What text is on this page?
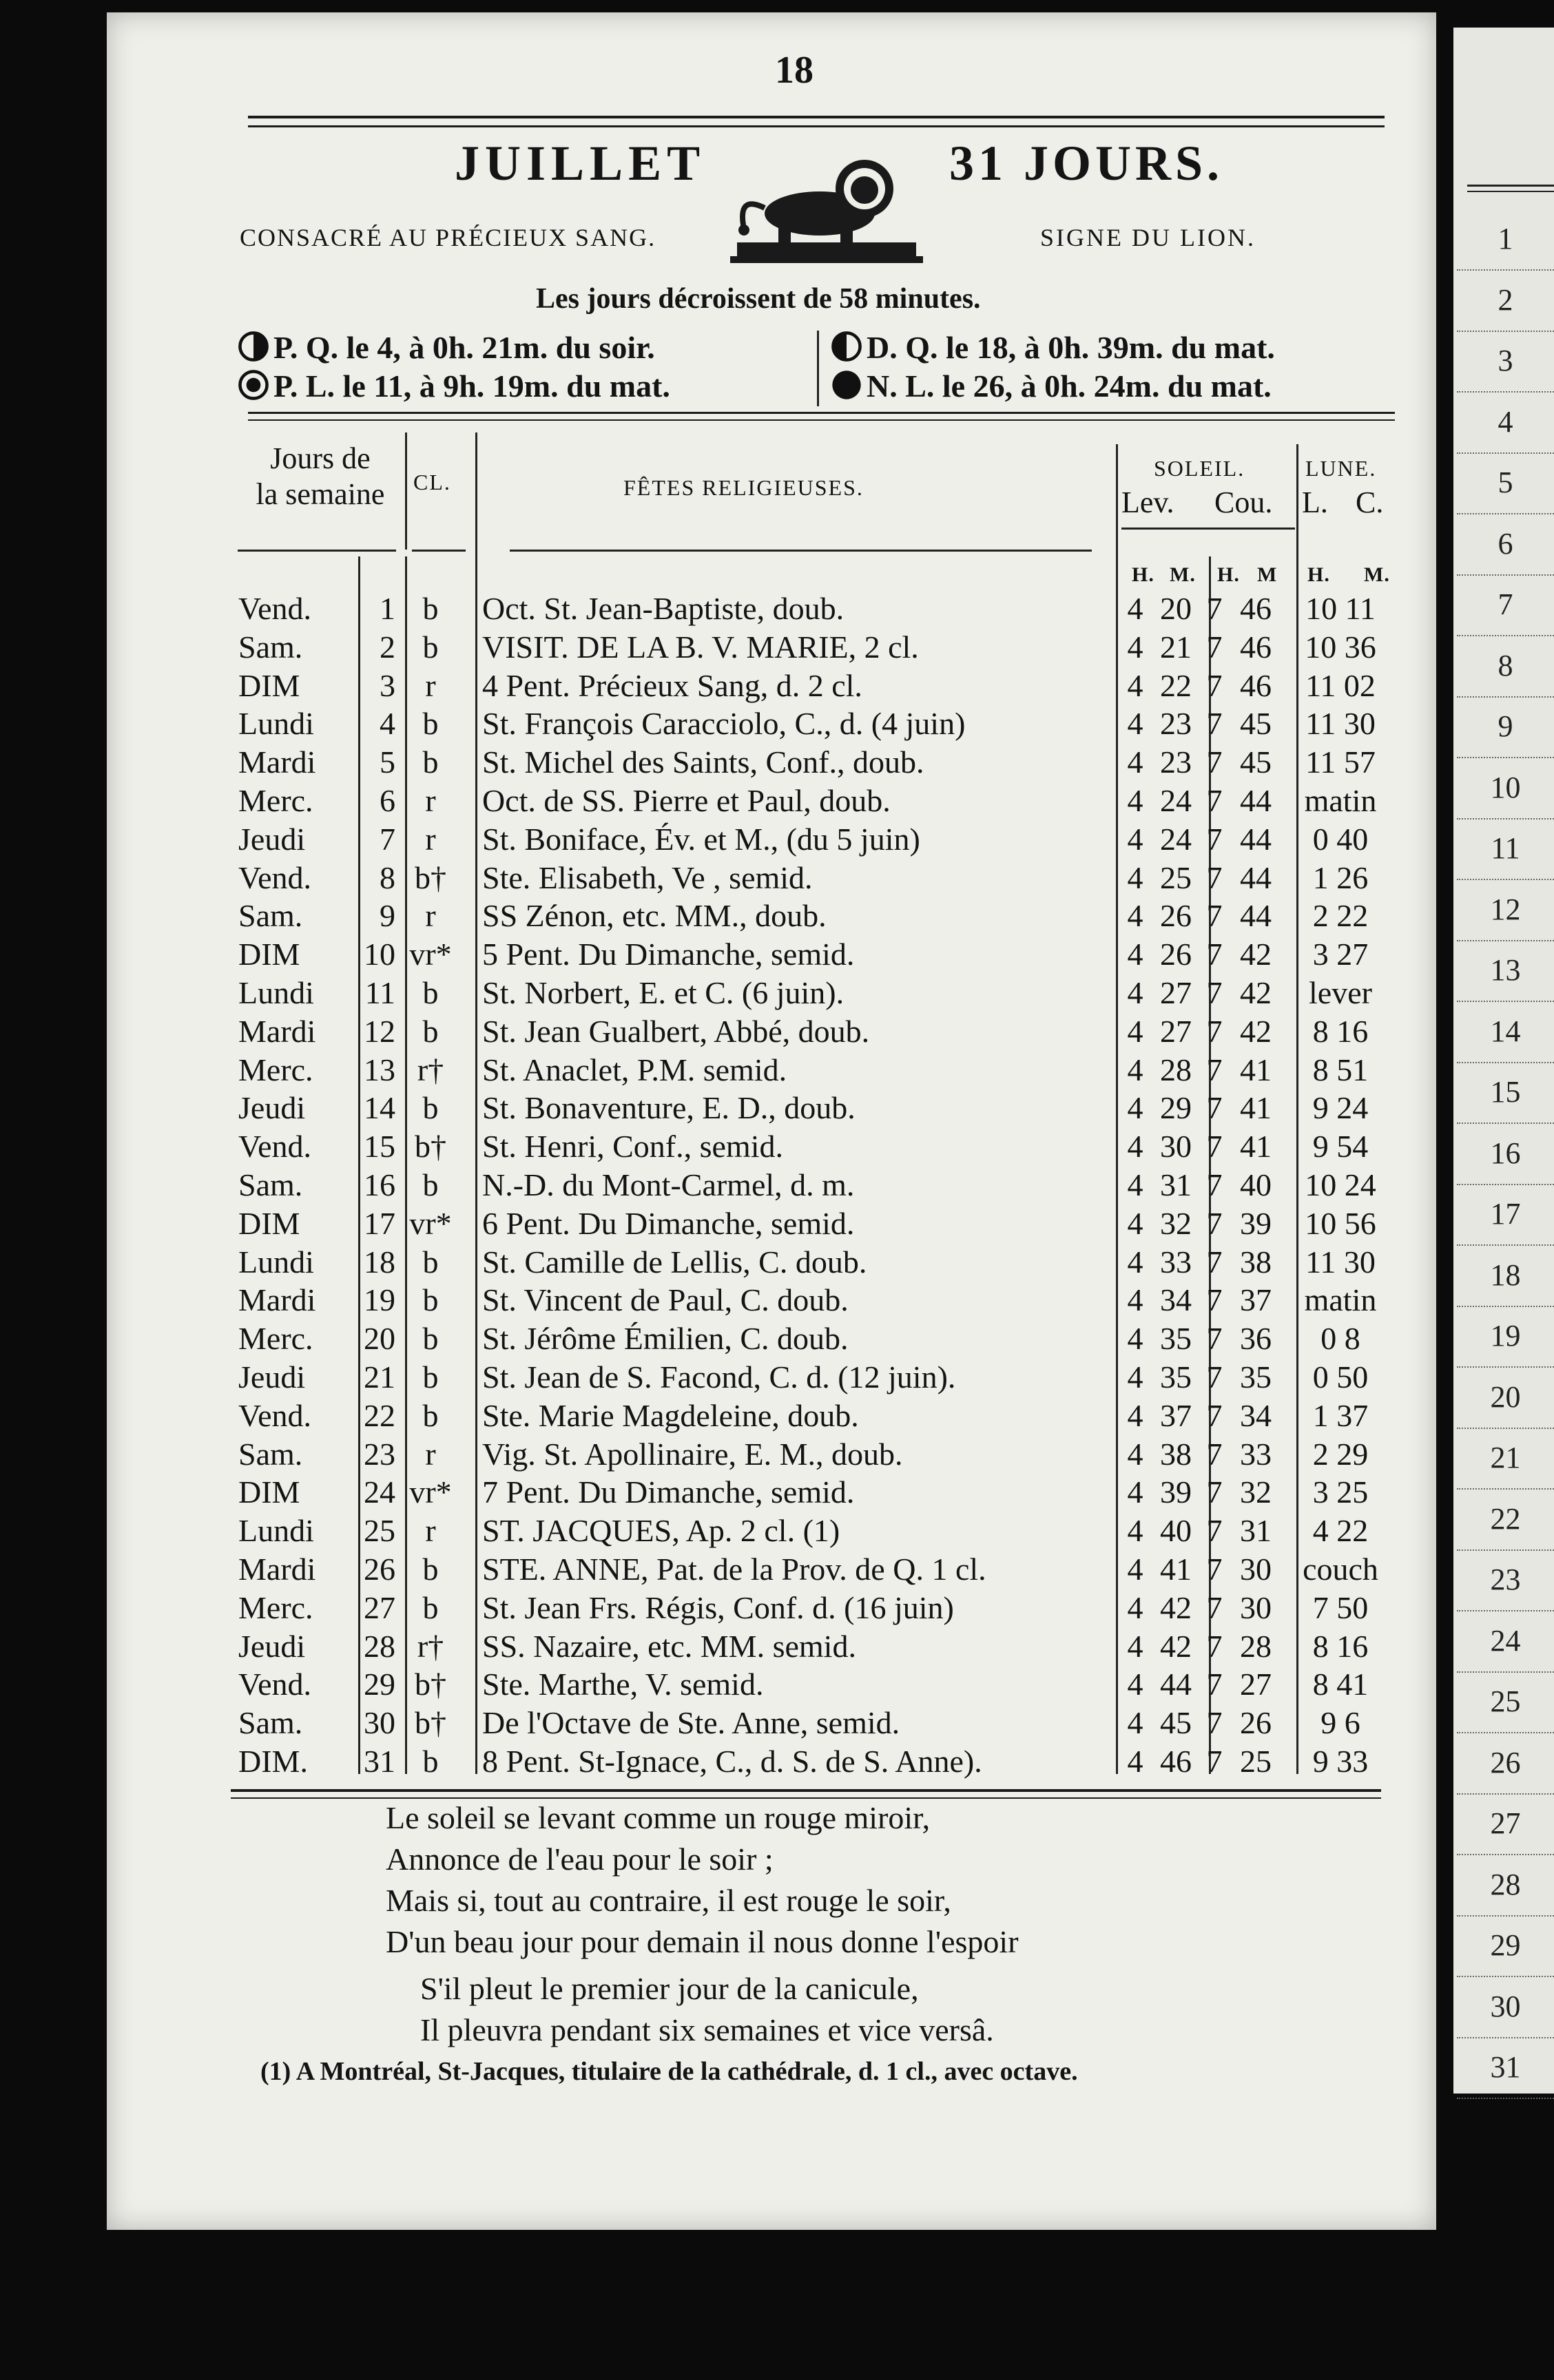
1
2
3
4
5
6
7
8
9
10
11
12
13
14
15
16
17
18
19
20
21
22
23
24
25
26
27
28
29
30
31
18
JUILLET	31 JOURS.
CONSACRÉ AU PRÉCIEUX SANG.	SIGNE DU LION.
Les jours décroissent de 58 minutes.
P. Q. le 4, à 0h. 21m. du soir.
P. L. le 11, à 9h. 19m. du mat.
D. Q. le 18, à 0h. 39m. du mat.
N. L. le 26, à 0h. 24m. du mat.
Jours de
la semaine	CL.	FÊTES RELIGIEUSES.
SOLEIL.
Lev. Cou.
LUNE.
L. C.
H. M. H. M H. M.
Vend.	1 b	Oct. St. Jean-Baptiste, doub.	4 20 7 46	10 11
Sam.	2 b	VISIT. DE LA B. V. MARIE, 2 cl.	4 21 7 46	10 36
DIM	3 r	4 Pent. Précieux Sang, d. 2 cl.	4 22 7 46	11 02
Lundi	4 b	St. François Caracciolo, C., d. (4 juin)	4 23 7 45	11 30
Mardi	5 b	St. Michel des Saints, Conf., doub.	4 23 7 45	11 57
Merc.	6 r	Oct. de SS. Pierre et Paul, doub.	4 24 7 44	matin
Jeudi	7 r	St. Boniface, Év. et M., (du 5 juin)	4 24 7 44	0 40
Vend.	8 b† Ste. Elisabeth, Ve , semid.	4 25 7 44	1 26
Sam.	9 r	SS Zénon, etc. MM., doub.	4 26 7 44	2 22
DIM	10 vr* 5 Pent. Du Dimanche, semid.	4 26 7 42	3 27
Lundi	11 b	St. Norbert, E. et C. (6 juin).	4 27 7 42	lever
Mardi	12 b	St. Jean Gualbert, Abbé, doub.	4 27 7 42	8 16
Merc.	13 r†	St. Anaclet, P.M. semid.	4 28 7 41	8 51
Jeudi	14 b	St. Bonaventure, E. D., doub.	4 29 7 41	9 24
Vend.	15 b† St. Henri, Conf., semid.	4 30 7 41	9 54
Sam.	16 b	N.-D. du Mont-Carmel, d. m.	4 31 7 40	10 24
DIM	17 vr* 6 Pent. Du Dimanche, semid.	4 32 7 39	10 56
Lundi	18 b	St. Camille de Lellis, C. doub.	4 33 7 38	11 30
Mardi	19 b	St. Vincent de Paul, C. doub.	4 34 7 37	matin
Merc.	20 b	St. Jérôme Émilien, C. doub.	4 35 7 36	0 8
Jeudi	21 b	St. Jean de S. Facond, C. d. (12 juin).	4 35 7 35	0 50
Vend.	22 b	Ste. Marie Magdeleine, doub.	4 37 7 34	1 37
Sam.	23 r	Vig. St. Apollinaire, E. M., doub.	4 38 7 33	2 29
DIM	24 vr* 7 Pent. Du Dimanche, semid.	4 39 7 32	3 25
Lundi	25 r	ST. JACQUES, Ap. 2 cl. (1)	4 40 7 31	4 22
Mardi	26 b	STE. ANNE, Pat. de la Prov. de Q. 1 cl.	4 41 7 30 couch
Merc.	27 b	St. Jean Frs. Régis, Conf. d. (16 juin)	4 42 7 30	7 50
Jeudi	28 r†	SS. Nazaire, etc. MM. semid.	4 42 7 28	8 16
Vend.	29 b† Ste. Marthe, V. semid.	4 44 7 27	8 41
Sam.	30 b† De l'Octave de Ste. Anne, semid.	4 45 7 26	9 6
DIM.	31 b	8 Pent. St-Ignace, C., d. S. de S. Anne).	4 46 7 25	9 33
Le soleil se levant comme un rouge miroir,
Annonce de l'eau pour le soir ;
Mais si, tout au contraire, il est rouge le soir,
D'un beau jour pour demain il nous donne l'espoir
S'il pleut le premier jour de la canicule,
Il pleuvra pendant six semaines et vice versâ.
(1) A Montréal, St-Jacques, titulaire de la cathédrale, d. 1 cl., avec octave.
